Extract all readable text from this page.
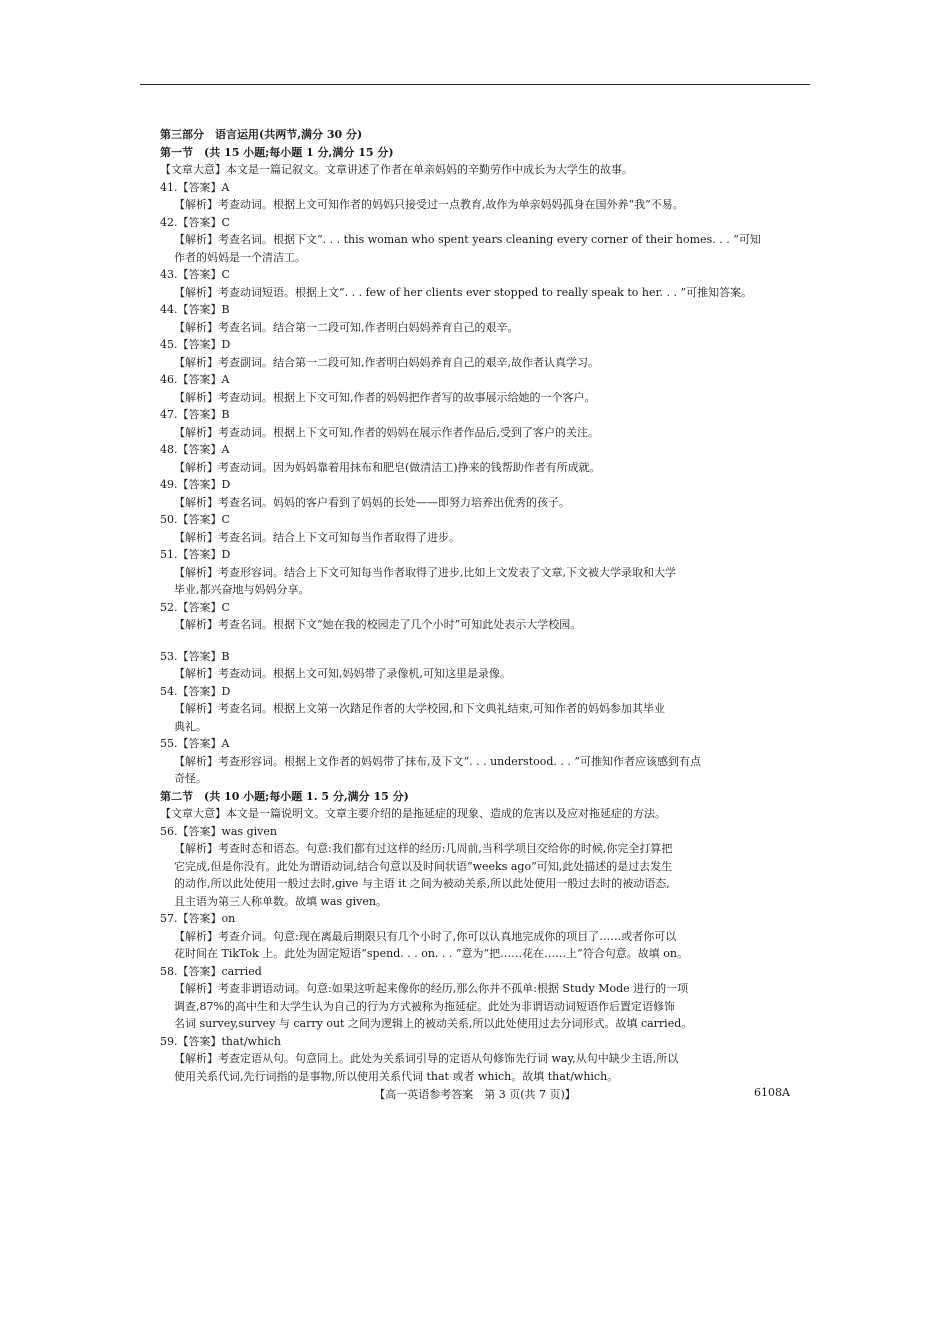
第三部分　语言运用(共两节,满分 30 分)
第一节　(共 15 小题;每小题 1 分,满分 15 分)
【文章大意】本文是一篇记叙文。文章讲述了作者在单亲妈妈的辛勤劳作中成长为大学生的故事。
41.【答案】A
【解析】考查动词。根据上文可知作者的妈妈只接受过一点教育,故作为单亲妈妈孤身在国外养“我”不易。
42.【答案】C
【解析】考查名词。根据下文“. . . this woman who spent years cleaning every corner of their homes. . . ”可知
作者的妈妈是一个清洁工。
43.【答案】C
【解析】考查动词短语。根据上文“. . . few of her clients ever stopped to really speak to her. . . ”可推知答案。
44.【答案】B
【解析】考查名词。结合第一二段可知,作者明白妈妈养育自己的艰辛。
45.【答案】D
【解析】考查副词。结合第一二段可知,作者明白妈妈养育自己的艰辛,故作者认真学习。
46.【答案】A
【解析】考查动词。根据上下文可知,作者的妈妈把作者写的故事展示给她的一个客户。
47.【答案】B
【解析】考查动词。根据上下文可知,作者的妈妈在展示作者作品后,受到了客户的关注。
48.【答案】A
【解析】考查动词。因为妈妈靠着用抹布和肥皂(做清洁工)挣来的钱帮助作者有所成就。
49.【答案】D
【解析】考查名词。妈妈的客户看到了妈妈的长处——即努力培养出优秀的孩子。
50.【答案】C
【解析】考查名词。结合上下文可知每当作者取得了进步。
51.【答案】D
【解析】考查形容词。结合上下文可知每当作者取得了进步,比如上文发表了文章,下文被大学录取和大学
毕业,都兴奋地与妈妈分享。
52.【答案】C
【解析】考查名词。根据下文“她在我的校园走了几个小时”可知此处表示大学校园。
53.【答案】B
【解析】考查动词。根据上文可知,妈妈带了录像机,可知这里是录像。
54.【答案】D
【解析】考查名词。根据上文第一次踏足作者的大学校园,和下文典礼结束,可知作者的妈妈参加其毕业
典礼。
55.【答案】A
【解析】考查形容词。根据上文作者的妈妈带了抹布,及下文“. . . understood. . . ”可推知作者应该感到有点
奇怪。
第二节　(共 10 小题;每小题 1. 5 分,满分 15 分)
【文章大意】本文是一篇说明文。文章主要介绍的是拖延症的现象、造成的危害以及应对拖延症的方法。
56.【答案】was given
【解析】考查时态和语态。句意:我们都有过这样的经历:几周前,当科学项目交给你的时候,你完全打算把
它完成,但是你没有。此处为谓语动词,结合句意以及时间状语“weeks ago”可知,此处描述的是过去发生
的动作,所以此处使用一般过去时,give 与主语 it 之间为被动关系,所以此处使用一般过去时的被动语态,
且主语为第三人称单数。故填 was given。
57.【答案】on
【解析】考查介词。句意:现在离最后期限只有几个小时了,你可以认真地完成你的项目了……或者你可以
花时间在 TikTok 上。此处为固定短语“spend. . . on. . . ”意为“把……花在……上”符合句意。故填 on。
58.【答案】carried
【解析】考查非谓语动词。句意:如果这听起来像你的经历,那么你并不孤单:根据 Study Mode 进行的一项
调查,87%的高中生和大学生认为自己的行为方式被称为拖延症。此处为非谓语动词短语作后置定语修饰
名词 survey,survey 与 carry out 之间为逻辑上的被动关系,所以此处使用过去分词形式。故填 carried。
59.【答案】that/which
【解析】考查定语从句。句意同上。此处为关系词引导的定语从句修饰先行词 way,从句中缺少主语,所以
使用关系代词,先行词指的是事物,所以使用关系代词 that 或者 which。故填 that/which。
【高一英语参考答案　第 3 页(共 7 页)】	6108A
